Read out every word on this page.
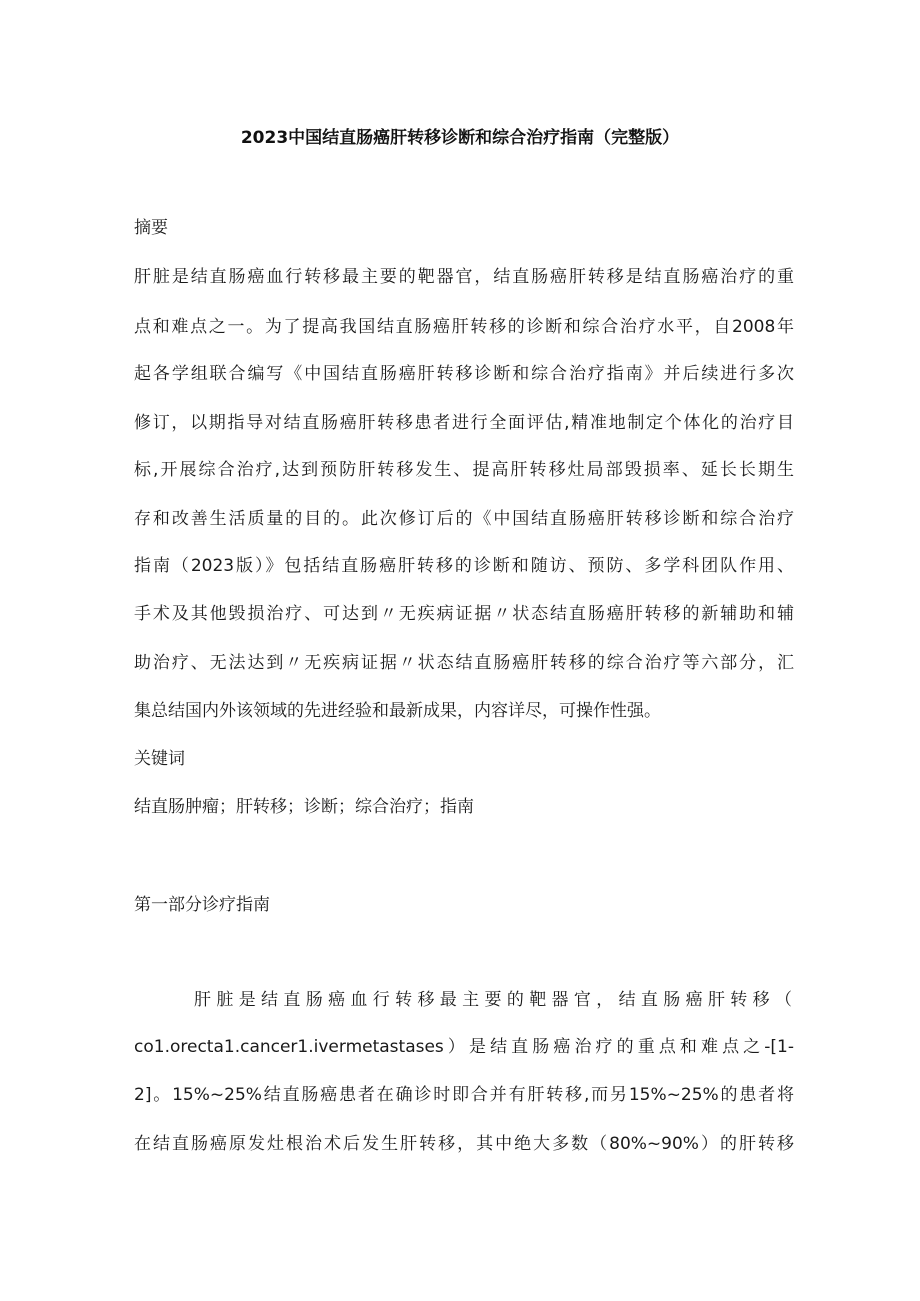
2023中国结直肠癌肝转移诊断和综合治疗指南（完整版）
摘要
肝脏是结直肠癌血行转移最主要的靶器官，结直肠癌肝转移是结直肠癌治疗的重
点和难点之一。为了提高我国结直肠癌肝转移的诊断和综合治疗水平，自2008年
起各学组联合编写《中国结直肠癌肝转移诊断和综合治疗指南》并后续进行多次
修订，以期指导对结直肠癌肝转移患者进行全面评估,精准地制定个体化的治疗目
标,开展综合治疗,达到预防肝转移发生、提高肝转移灶局部毁损率、延长长期生
存和改善生活质量的目的。此次修订后的《中国结直肠癌肝转移诊断和综合治疗
指南（2023版）》包括结直肠癌肝转移的诊断和随访、预防、多学科团队作用、
手术及其他毁损治疗、可达到〃无疾病证据〃状态结直肠癌肝转移的新辅助和辅
助治疗、无法达到〃无疾病证据〃状态结直肠癌肝转移的综合治疗等六部分，汇
集总结国内外该领域的先进经验和最新成果，内容详尽，可操作性强。
关键词
结直肠肿瘤；肝转移；诊断；综合治疗；指南
第一部分诊疗指南
肝脏是结直肠癌血行转移最主要的靶器官，结直肠癌肝转移（
co1.orecta1.cancer1.ivermetastases）是结直肠癌治疗的重点和难点之-[1-
2]。15%~25%结直肠癌患者在确诊时即合并有肝转移,而另15%~25%的患者将
在结直肠癌原发灶根治术后发生肝转移，其中绝大多数（80%~90%）的肝转移
